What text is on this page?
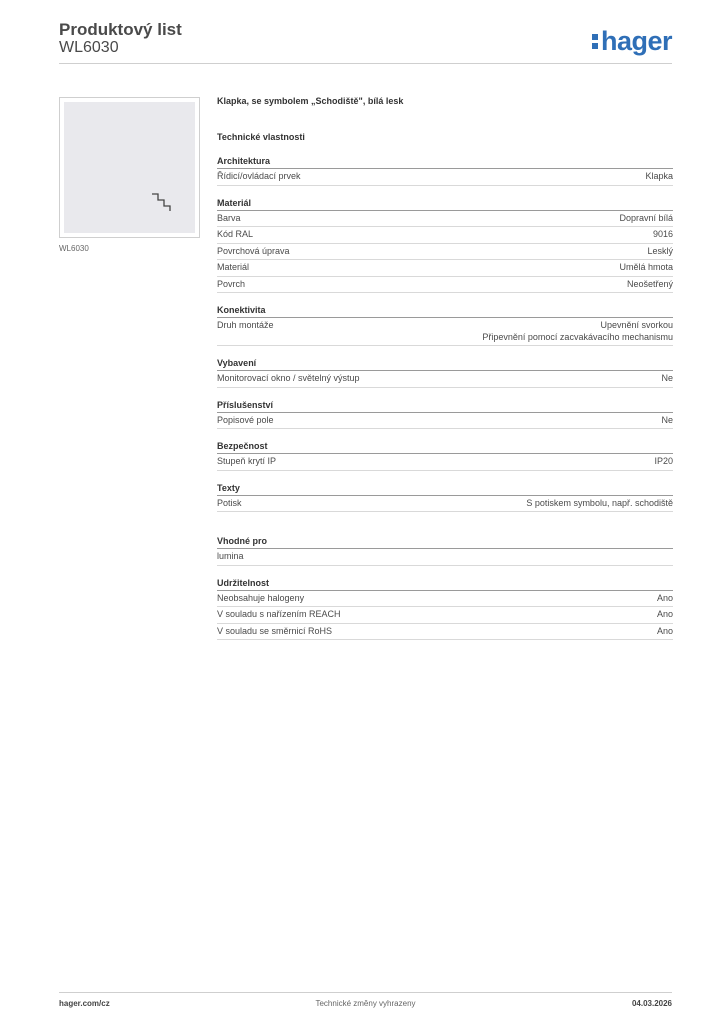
Produktový list
WL6030	hager
WL6030
Klapka, se symbolem „Schodiště", bílá lesk
Technické vlastnosti
Architektura
Řídicí/ovládací prvek	Klapka
Materiál
Barva	Dopravní bílá
Kód RAL	9016
Povrchová úprava	Lesklý
Materiál	Umělá hmota
Povrch	Neošetřený
Konektivita
Druh montáže	Upevnění svorkou
Připevnění pomocí zacvakávacího mechanismu
Vybavení
Monitorovací okno / světelný výstup	Ne
Příslušenství
Popisové pole	Ne
Bezpečnost
Stupeň krytí IP	IP20
Texty
Potisk	S potiskem symbolu, např. schodiště
Vhodné pro
lumina

Udržitelnost
Neobsahuje halogeny	Ano
V souladu s nařízením REACH	Ano
V souladu se směrnicí RoHS	Ano
hager.com/cz	Technické změny vyhrazeny	04.03.2026
